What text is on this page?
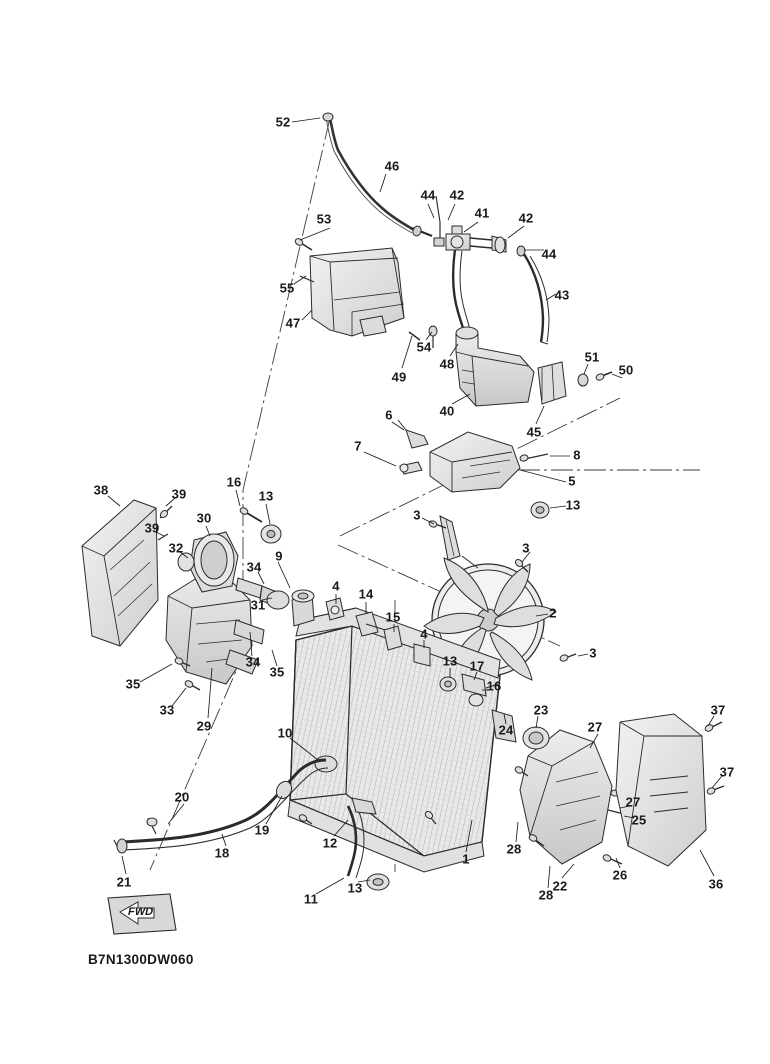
52
46
44 42
41 42
53
44
55	43
47
54
48	51
50
49
40
45
6
7
8
5
13
38	39
16
13
3
39
30
32
9
3
34
31
4
14
2
15
4
3
13 17
16
34
35
35
33
29
23
24	27
37
10
37
27
25
20
19
12
18	28
1
21
11
13	28
22
26
36
B7N1300DW060
FWD
